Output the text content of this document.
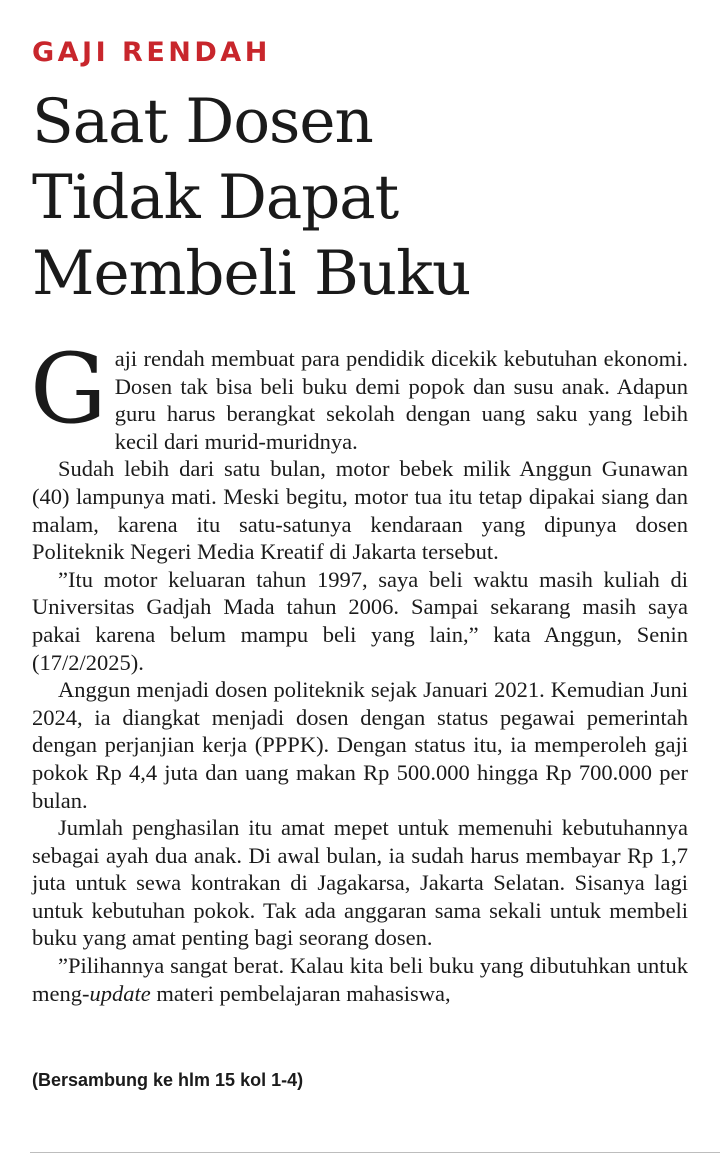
GAJI RENDAH

Saat Dosen
Tidak Dapat
Membeli Buku

Gaji rendah membuat para pendidik dicekik kebutuhan ekonomi. Dosen tak bisa beli buku demi popok dan susu anak. Adapun guru harus berangkat sekolah dengan uang saku yang lebih kecil dari murid-muridnya.

Sudah lebih dari satu bulan, motor bebek milik Anggun Gunawan (40) lampunya mati. Meski begitu, motor tua itu tetap dipakai siang dan malam, karena itu satu-satunya kendaraan yang dipunya dosen Politeknik Negeri Media Kreatif di Jakarta tersebut.

”Itu motor keluaran tahun 1997, saya beli waktu masih kuliah di Universitas Gadjah Mada tahun 2006. Sampai sekarang masih saya pakai karena belum mampu beli yang lain,” kata Anggun, Senin (17/2/2025).

Anggun menjadi dosen politeknik sejak Januari 2021. Kemudian Juni 2024, ia diangkat menjadi dosen dengan status pegawai pemerintah dengan perjanjian kerja (PPPK). Dengan status itu, ia memperoleh gaji pokok Rp 4,4 juta dan uang makan Rp 500.000 hingga Rp 700.000 per bulan.

Jumlah penghasilan itu amat mepet untuk memenuhi kebutuhannya sebagai ayah dua anak. Di awal bulan, ia sudah harus membayar Rp 1,7 juta untuk sewa kontrakan di Jagakarsa, Jakarta Selatan. Sisanya lagi untuk kebutuhan pokok. Tak ada anggaran sama sekali untuk membeli buku yang amat penting bagi seorang dosen.

”Pilihannya sangat berat. Kalau kita beli buku yang dibutuhkan untuk meng-update materi pembelajaran mahasiswa,

(Bersambung ke hlm 15 kol 1-4)
